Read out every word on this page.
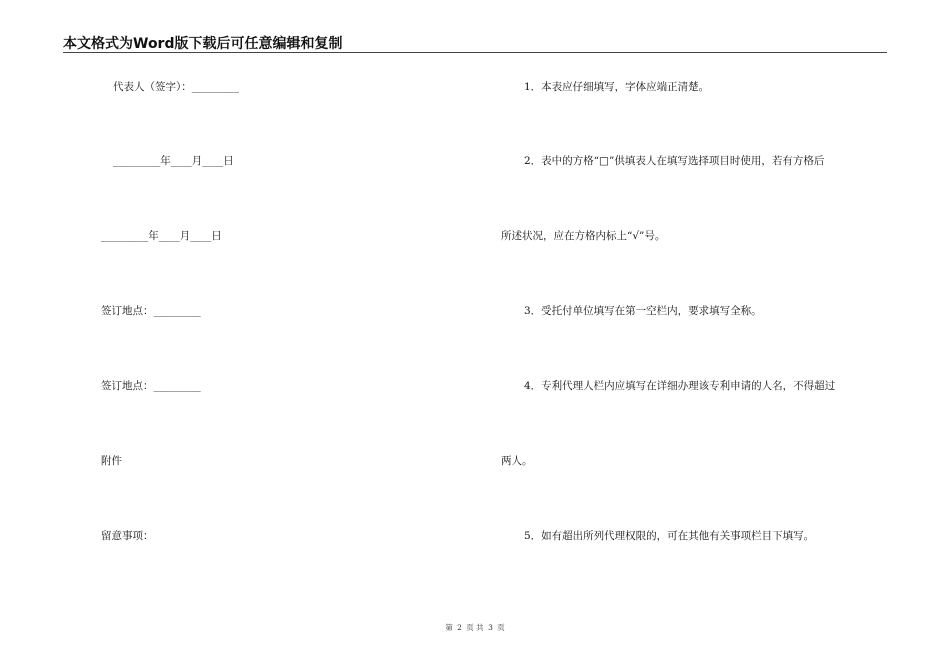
本文格式为Word版下载后可任意编辑和复制
代表人（签字）：_________
_________年____月____日
_________年____月____日
签订地点：_________
签订地点：_________
附件
留意事项：
1．本表应仔细填写，字体应端正清楚。
2．表中的方格“□”供填表人在填写选择项目时使用，若有方格后
所述状况，应在方格内标上“√”号。
3．受托付单位填写在第一空栏内，要求填写全称。
4．专利代理人栏内应填写在详细办理该专利申请的人名，不得超过
两人。
5．如有超出所列代理权限的，可在其他有关事项栏目下填写。
第 2 页 共 3 页
